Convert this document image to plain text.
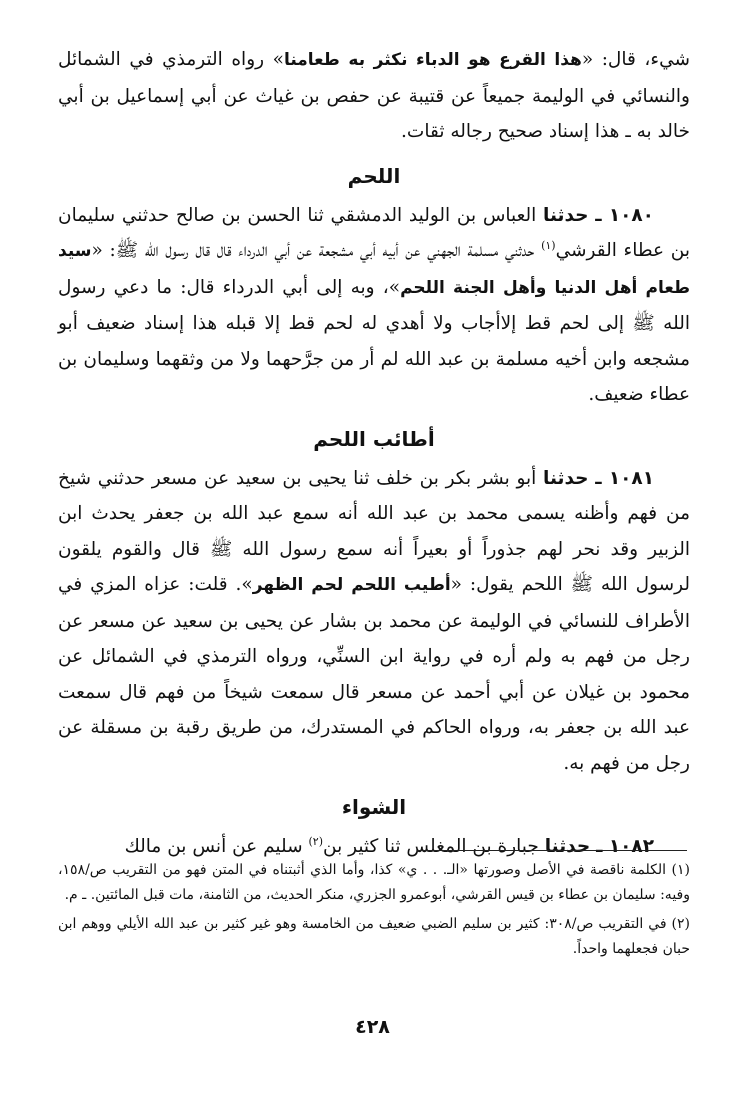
شيء، قال: «هذا القرع هو الدباء نكثر به طعامنا» رواه الترمذي في الشمائل والنسائي في الوليمة جميعاً عن قتيبة عن حفص بن غياث عن أبي إسماعيل بن أبي خالد به ـ هذا إسناد صحيح رجاله ثقات.

اللحم

١٠٨٠ ـ حدثنا العباس بن الوليد الدمشقي ثنا الحسن بن صالح حدثني سليمان بن عطاء القرشي$^{(١)}$ حدثني مسلمة الجهني عن أبيه أبي مشجعة عن أبي الدرداء قال قال رسول الله ﷺ: «سيد طعام أهل الدنيا وأهل الجنة اللحم»، وبه إلى أبي الدرداء قال: ما دعي رسول الله ﷺ إلى لحم قط إلاأجاب ولا أهدي له لحم قط إلا قبله هذا إسناد ضعيف أبو مشجعه وابن أخيه مسلمة بن عبد الله لم أر من جرَّحهما ولا من وثقهما وسليمان بن عطاء ضعيف.

أطائب اللحم

١٠٨١ ـ حدثنا أبو بشر بكر بن خلف ثنا يحيى بن سعيد عن مسعر حدثني شيخ من فهم وأظنه يسمى محمد بن عبد الله أنه سمع عبد الله بن جعفر يحدث ابن الزبير وقد نحر لهم جذوراً أو بعيراً أنه سمع رسول الله ﷺ قال والقوم يلقون لرسول الله ﷺ اللحم يقول: «أطيب اللحم لحم الظهر». قلت: عزاه المزي في الأطراف للنسائي في الوليمة عن محمد بن بشار عن يحيى بن سعيد عن مسعر عن رجل من فهم به ولم أره في رواية ابن السنِّي، ورواه الترمذي في الشمائل عن محمود بن غيلان عن أبي أحمد عن مسعر قال سمعت شيخاً من فهم قال سمعت عبد الله بن جعفر به، ورواه الحاكم في المستدرك، من طريق رقبة بن مسقلة عن رجل من فهم به.

الشواء

١٠٨٢ ـ حدثنا جبارة بن المغلس ثنا كثير بن$^{(٢)}$ سليم عن أنس بن مالك

(١) الكلمة ناقصة في الأصل وصورتها «الـ. . . ي» كذا، وأما الذي أثبتناه في المتن فهو من التقريب ص/١٥٨، وفيه: سليمان بن عطاء بن قيس القرشي، أبوعمرو الجزري، منكر الحديث، من الثامنة، مات قبل المائتين. ـ م.

(٢) في التقريب ص/٣٠٨: كثير بن سليم الضبي ضعيف من الخامسة وهو غير كثير بن عبد الله الأيلي ووهم ابن حبان فجعلهما واحداً.

٤٢٨
